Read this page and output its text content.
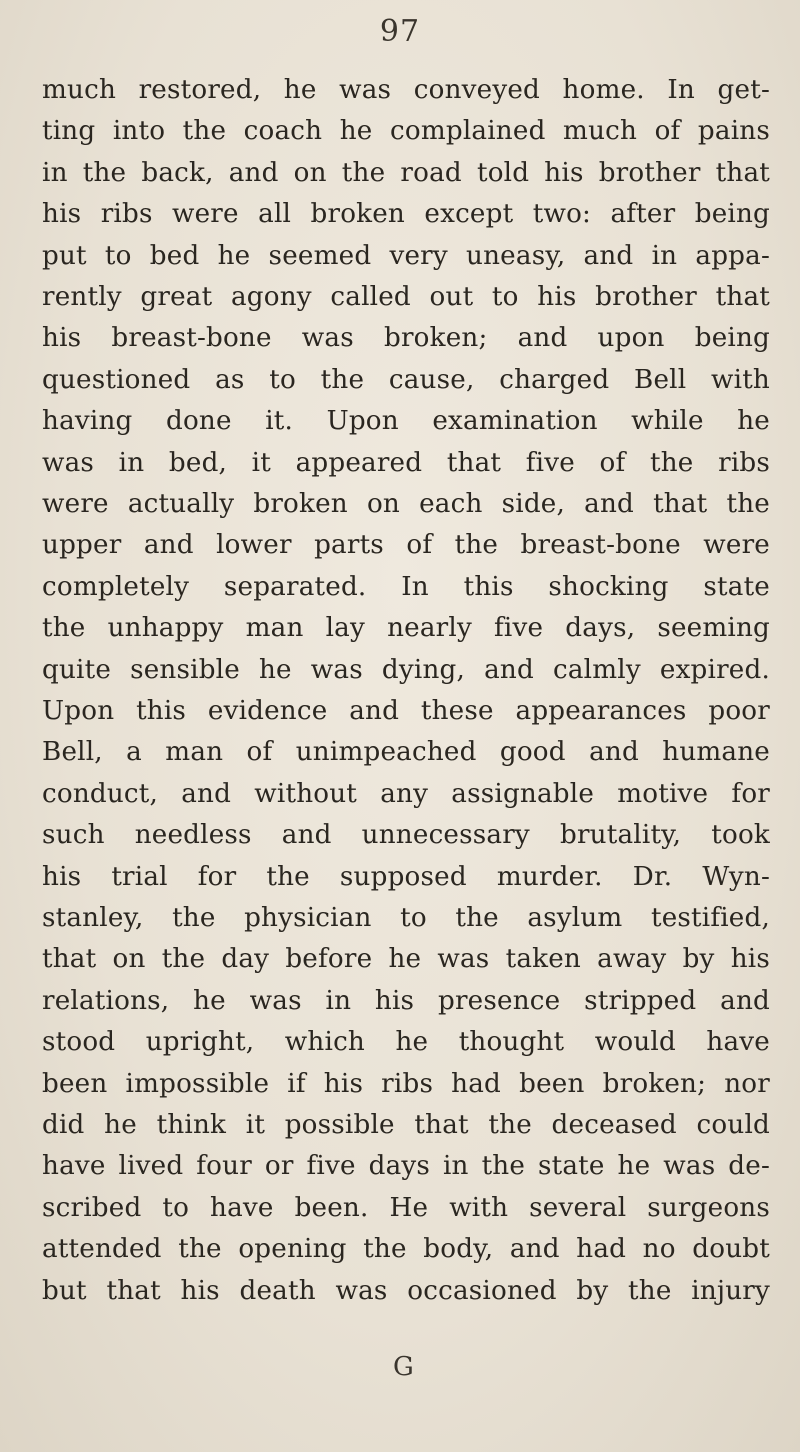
97
much restored, he was conveyed home. In get-
ting into the coach he complained much of pains
in the back, and on the road told his brother that
his ribs were all broken except two: after being
put to bed he seemed very uneasy, and in appa-
rently great agony called out to his brother that
his breast-bone was broken; and upon being
questioned as to the cause, charged Bell with
having done it. Upon examination while he
was in bed, it appeared that five of the ribs
were actually broken on each side, and that the
upper and lower parts of the breast-bone were
completely separated. In this shocking state
the unhappy man lay nearly five days, seeming
quite sensible he was dying, and calmly expired.
Upon this evidence and these appearances poor
Bell, a man of unimpeached good and humane
conduct, and without any assignable motive for
such needless and unnecessary brutality, took
his trial for the supposed murder. Dr. Wyn-
stanley, the physician to the asylum testified,
that on the day before he was taken away by his
relations, he was in his presence stripped and
stood upright, which he thought would have
been impossible if his ribs had been broken; nor
did he think it possible that the deceased could
have lived four or five days in the state he was de-
scribed to have been. He with several surgeons
attended the opening the body, and had no doubt
but that his death was occasioned by the injury
G
